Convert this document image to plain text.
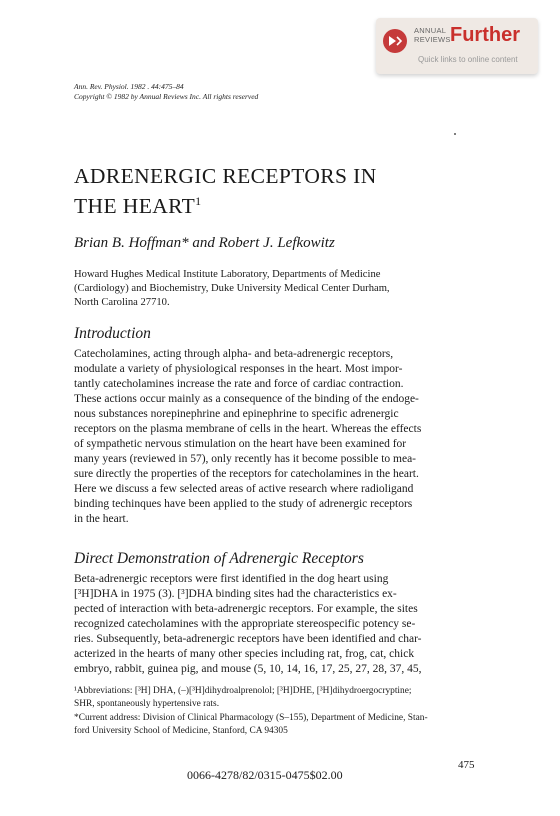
ANNUAL
REVIEWS Further
Quick links to online content
Ann. Rev. Physiol. 1982 . 44:475–84
Copyright © 1982 by Annual Reviews Inc. All rights reserved
ADRENERGIC RECEPTORS IN
THE HEART$^1$
Brian B. Hoffman* and Robert J. Lefkowitz
Howard Hughes Medical Institute Laboratory, Departments of Medicine
(Cardiology) and Biochemistry, Duke University Medical Center Durham,
North Carolina 27710.
Introduction
Catecholamines, acting through alpha- and beta-adrenergic receptors,
modulate a variety of physiological responses in the heart. Most impor-
tantly catecholamines increase the rate and force of cardiac contraction.
These actions occur mainly as a consequence of the binding of the endoge-
nous substances norepinephrine and epinephrine to specific adrenergic
receptors on the plasma membrane of cells in the heart. Whereas the effects
of sympathetic nervous stimulation on the heart have been examined for
many years (reviewed in 57), only recently has it become possible to mea-
sure directly the properties of the receptors for catecholamines in the heart.
Here we discuss a few selected areas of active research where radioligand
binding techinques have been applied to the study of adrenergic receptors
in the heart.
Direct Demonstration of Adrenergic Receptors
Beta-adrenergic receptors were first identified in the dog heart using
[³H]DHA in 1975 (3). [³]DHA binding sites had the characteristics ex-
pected of interaction with beta-adrenergic receptors. For example, the sites
recognized catecholamines with the appropriate stereospecific potency se-
ries. Subsequently, beta-adrenergic receptors have been identified and char-
acterized in the hearts of many other species including rat, frog, cat, chick
embryo, rabbit, guinea pig, and mouse (5, 10, 14, 16, 17, 25, 27, 28, 37, 45,
¹Abbreviations: [³H] DHA, (–)[³H]dihydroalprenolol; [³H]DHE, [³H]dihydroergocryptine;
SHR, spontaneously hypertensive rats.
*Current address: Division of Clinical Pharmacology (S–155), Department of Medicine, Stan-
ford University School of Medicine, Stanford, CA 94305
475
0066-4278/82/0315-0475$02.00
